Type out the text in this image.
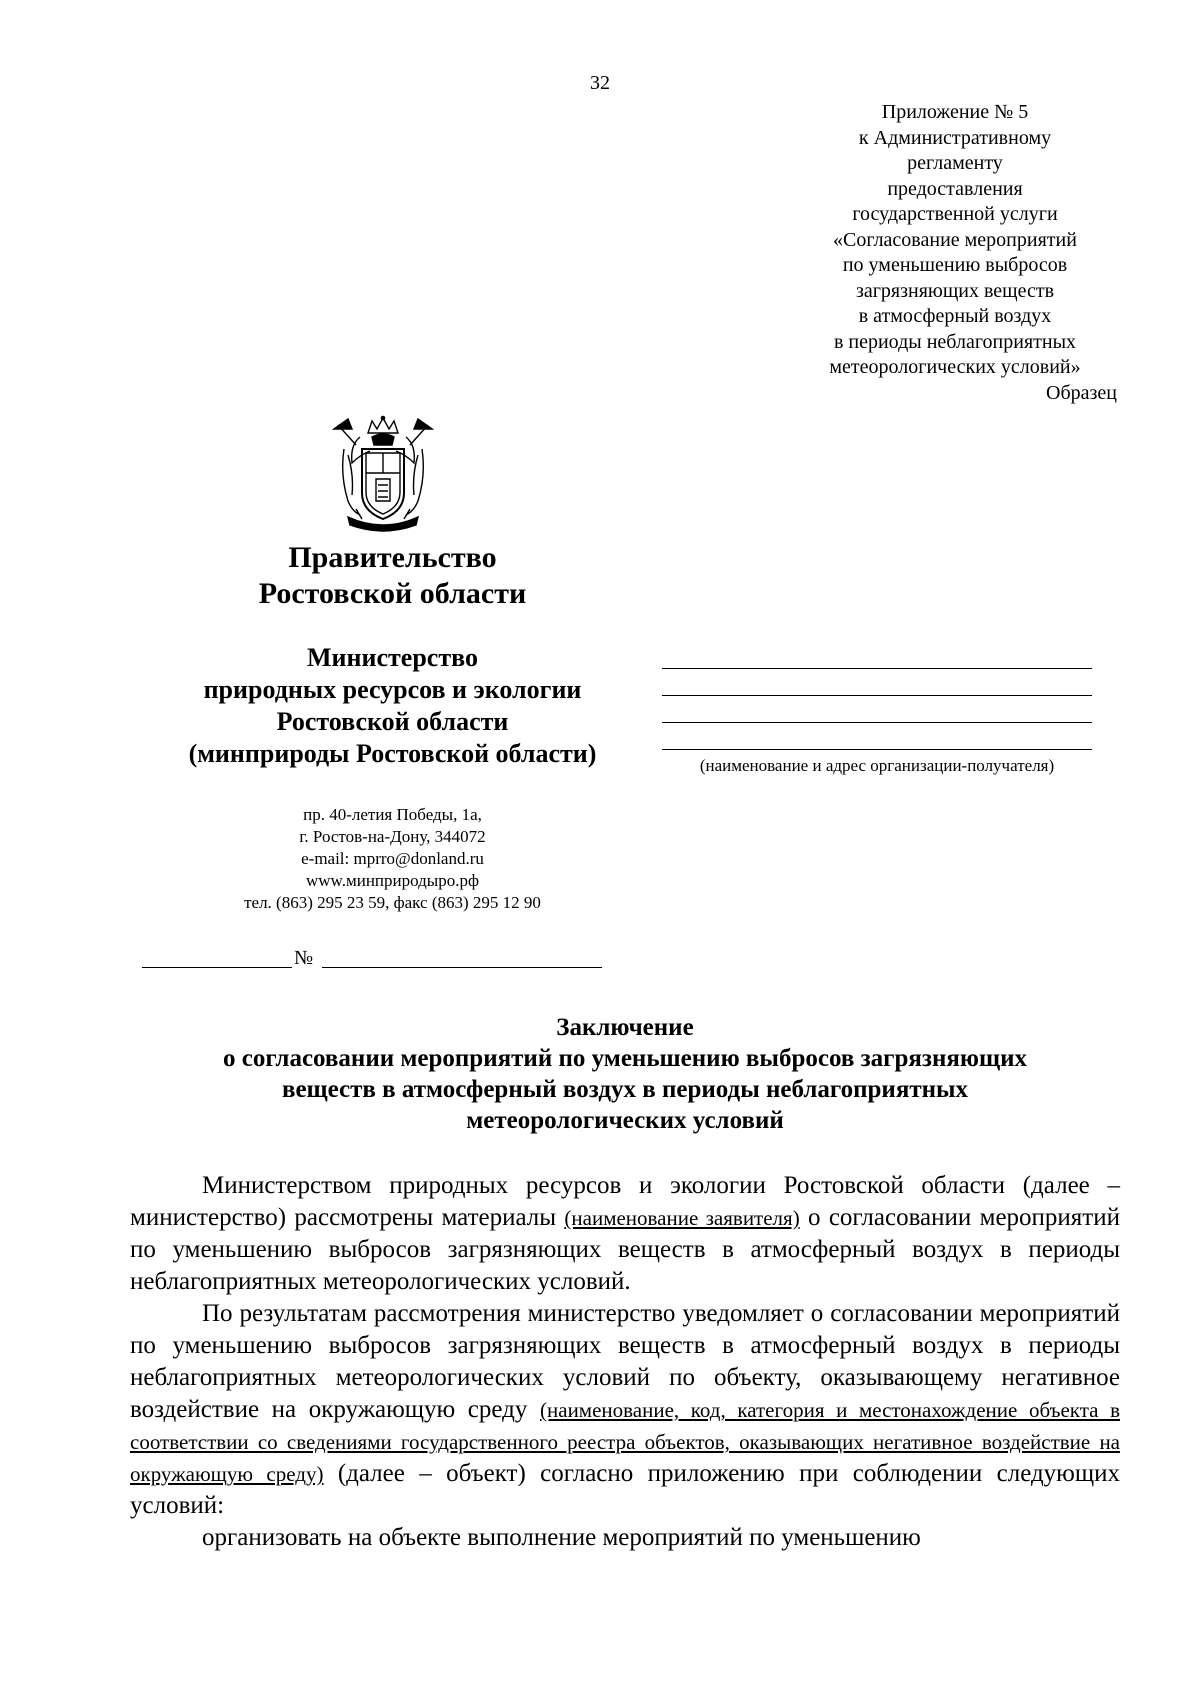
32
Приложение № 5
к Административному
регламенту
предоставления
государственной услуги
«Согласование мероприятий
по уменьшению выбросов
загрязняющих веществ
в атмосферный воздух
в периоды неблагоприятных
метеорологических условий»
Образец
Правительство
Ростовской области
Министерство
природных ресурсов и экологии
Ростовской области
(минприроды Ростовской области)
пр. 40-летия Победы, 1а,
г. Ростов-на-Дону, 344072
e-mail: mprro@donland.ru
www.минприродыро.рф
тел. (863) 295 23 59, факс (863) 295 12 90
№
(наименование и адрес организации-получателя)
Заключение
о согласовании мероприятий по уменьшению выбросов загрязняющих
веществ в атмосферный воздух в периоды неблагоприятных
метеорологических условий

Министерством природных ресурсов и экологии Ростовской области (далее – министерство) рассмотрены материалы (наименование заявителя) о согласовании мероприятий по уменьшению выбросов загрязняющих веществ в атмосферный воздух в периоды неблагоприятных метеорологических условий.

По результатам рассмотрения министерство уведомляет о согласовании мероприятий по уменьшению выбросов загрязняющих веществ в атмосферный воздух в периоды неблагоприятных метеорологических условий по объекту, оказывающему негативное воздействие на окружающую среду (наименование, код, категория и местонахождение объекта в соответствии со сведениями государственного реестра объектов, оказывающих негативное воздействие на окружающую среду) (далее – объект) согласно приложению при соблюдении следующих условий:

организовать на объекте выполнение мероприятий по уменьшению
